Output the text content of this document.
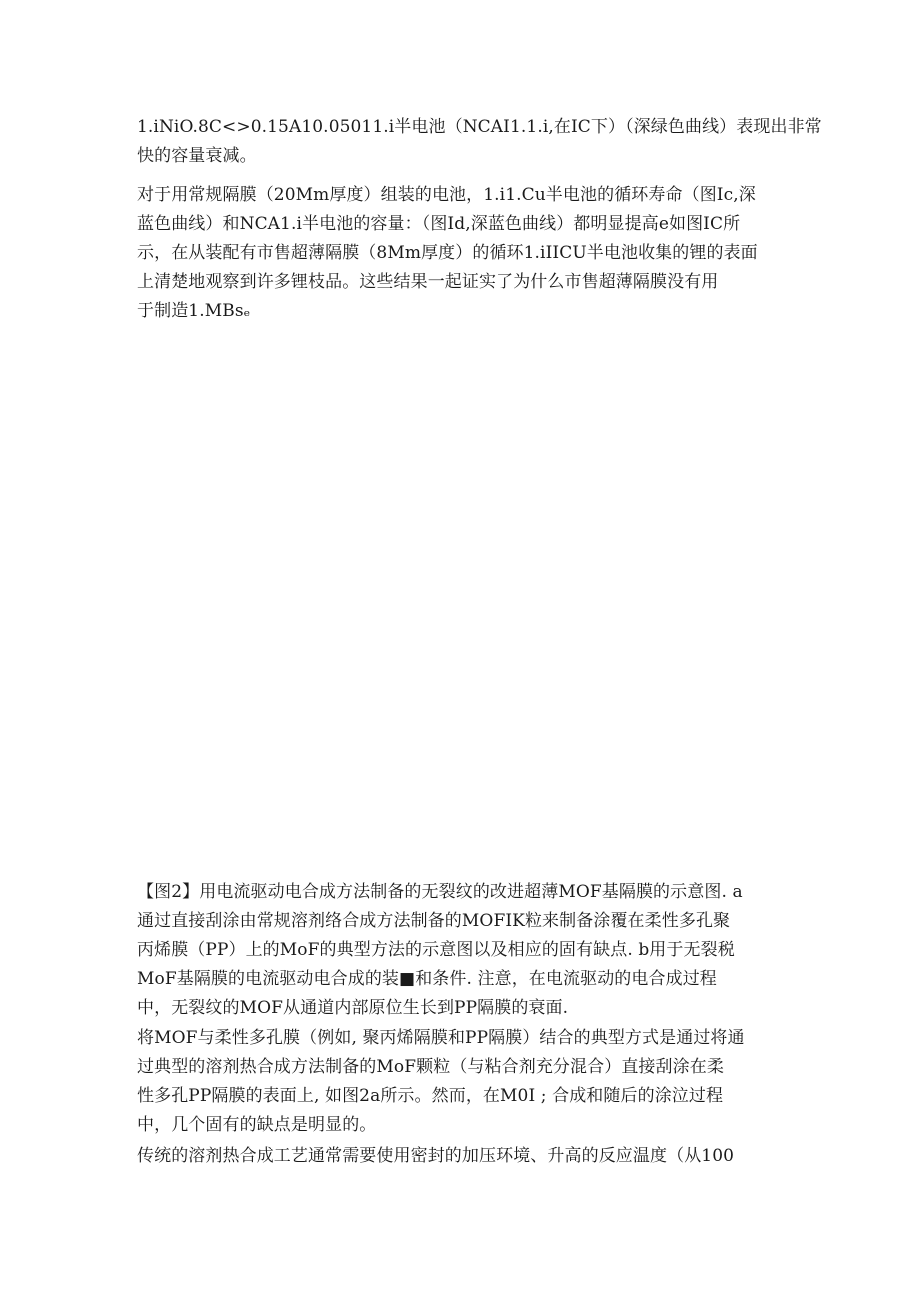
1.iNiO.8C<>0.15A10.05011.i半电池（NCAI1.1.i,在IC下）（深绿色曲线）表现出非常
快的容量衰减。

对于用常规隔膜（20Mm厚度）组装的电池，1.i1.Cu半电池的循环寿命（图Ic,深
蓝色曲线）和NCA1.i半电池的容量：（图Id,深蓝色曲线）都明显提高e如图IC所
示，在从装配有市售超薄隔膜（8Mm厚度）的循环1.iIICU半电池收集的锂的表面
上清楚地观察到许多锂枝品。这些结果一起证实了为什么市售超薄隔膜没有用
于制造1.MBsₑ

【图2】用电流驱动电合成方法制备的无裂纹的改进超薄MOF基隔膜的示意图. a
通过直接刮涂由常规溶剂络合成方法制备的MOFIK粒来制备涂覆在柔性多孔聚
丙烯膜（PP）上的MoF的典型方法的示意图以及相应的固有缺点. b用于无裂税
MoF基隔膜的电流驱动电合成的装■和条件. 注意，在电流驱动的电合成过程
中，无裂纹的MOF从通道内部原位生长到PP隔膜的衰面.

将MOF与柔性多孔膜（例如, 聚丙烯隔膜和PP隔膜）结合的典型方式是通过将通
过典型的溶剂热合成方法制备的MoF颗粒（与粘合剂充分混合）直接刮涂在柔
性多孔PP隔膜的表面上, 如图2a所示。然而，在M0I ; 合成和随后的涂泣过程
中，几个固有的缺点是明显的。

传统的溶剂热合成工艺通常需要使用密封的加压环境、升高的反应温度（从100
